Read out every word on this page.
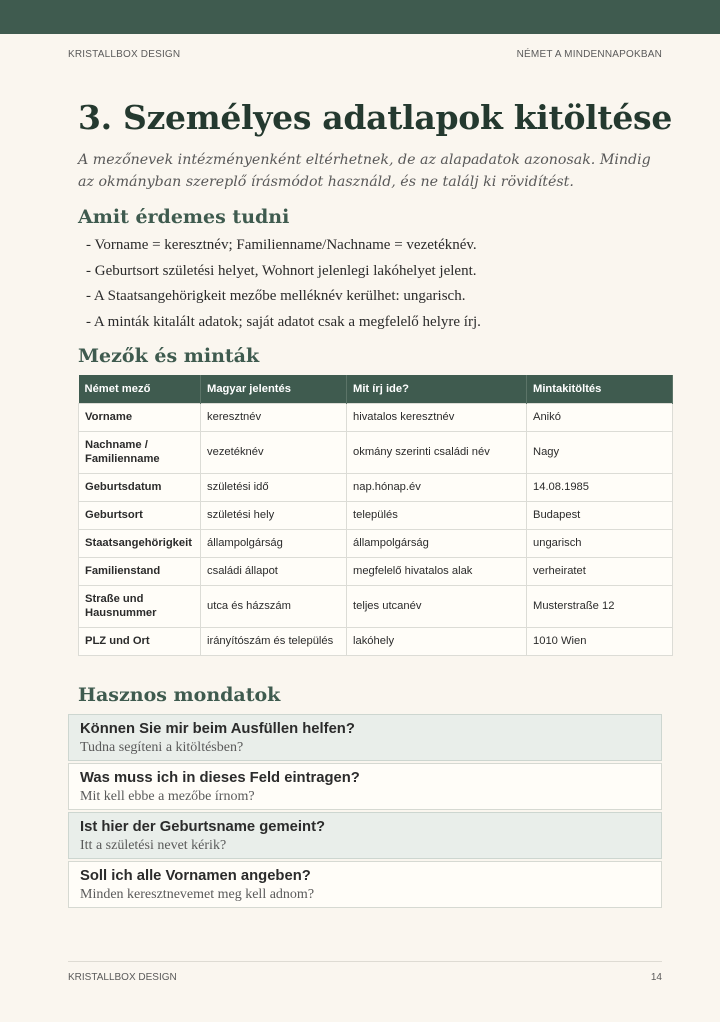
KRISTALLBOX DESIGN	NÉMET A MINDENNAPOKBAN
3. Személyes adatlapok kitöltése

A mezőnevek intézményenként eltérhetnek, de az alapadatok azonosak. Mindig az okmányban szereplő írásmódot használd, és ne találj ki rövidítést.

Amit érdemes tudni
- Vorname = keresztnév; Familienname/Nachname = vezetéknév.
- Geburtsort születési helyet, Wohnort jelenlegi lakóhelyet jelent.
- A Staatsangehörigkeit mezőbe melléknév kerülhet: ungarisch.
- A minták kitalált adatok; saját adatot csak a megfelelő helyre írj.
Mezők és minták
Német mező	Magyar jelentés	Mit írj ide?	Mintakitöltés
Vorname	keresztnév	hivatalos keresztnév	Anikó
Nachname / Familienname	vezetéknév	okmány szerinti családi név	Nagy
Geburtsdatum	születési idő	nap.hónap.év	14.08.1985
Geburtsort	születési hely	település	Budapest
Staatsangehörigkeit	állampolgárság	állampolgárság	ungarisch
Familienstand	családi állapot	megfelelő hivatalos alak	verheiratet
Straße und Hausnummer	utca és házszám	teljes utcanév	Musterstraße 12
PLZ und Ort	irányítószám és település	lakóhely	1010 Wien
Hasznos mondatok
Können Sie mir beim Ausfüllen helfen?
Tudna segíteni a kitöltésben?
Was muss ich in dieses Feld eintragen?
Mit kell ebbe a mezőbe írnom?
Ist hier der Geburtsname gemeint?
Itt a születési nevet kérik?
Soll ich alle Vornamen angeben?
Minden keresztnevemet meg kell adnom?
KRISTALLBOX DESIGN	14
